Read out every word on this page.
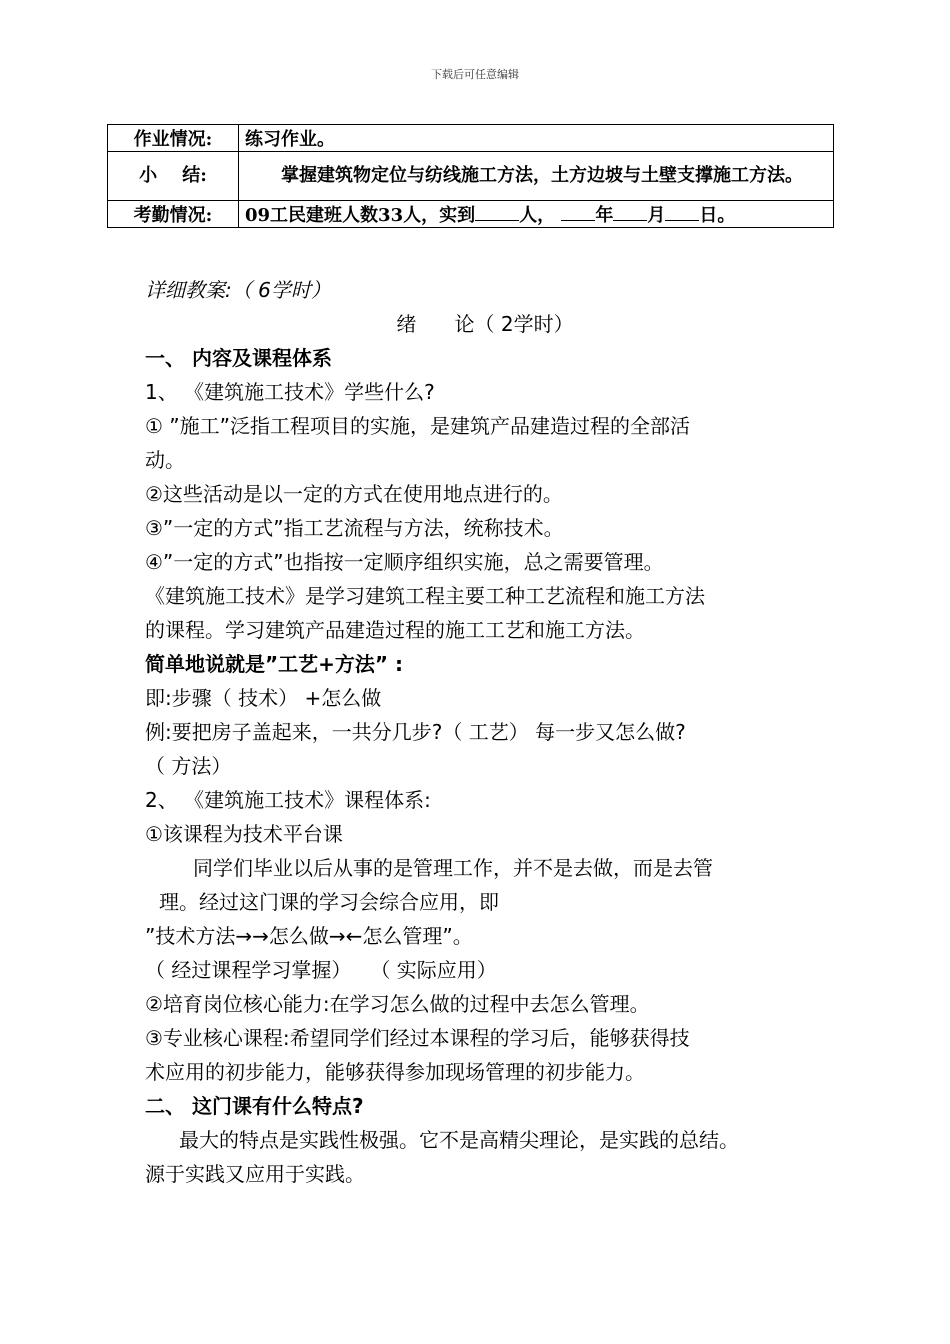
下载后可任意编辑
作业情况:	练习作业。
小    结:	掌握建筑物定位与纺线施工方法，土方边坡与土壁支撑施工方法。
考勤情况:	09工民建班人数33人，实到 人， 年 月 日。
详细教案:（ 6学时）
绪      论（ 2学时）
一、 内容及课程体系
1、 《建筑施工技术》学些什么?
① ”施工”泛指工程项目的实施，是建筑产品建造过程的全部活
动。
②这些活动是以一定的方式在使用地点进行的。
③”一定的方式”指工艺流程与方法，统称技术。
④”一定的方式”也指按一定顺序组织实施，总之需要管理。
《建筑施工技术》是学习建筑工程主要工种工艺流程和施工方法
的课程。学习建筑产品建造过程的施工工艺和施工方法。
简单地说就是”工艺+方法” :
即:步骤（ 技术） +怎么做
例:要把房子盖起来，一共分几步?（ 工艺） 每一步又怎么做?
（ 方法）
2、 《建筑施工技术》课程体系:
①该课程为技术平台课
同学们毕业以后从事的是管理工作，并不是去做，而是去管
理。经过这门课的学习会综合应用，即
”技术方法→→怎么做→←怎么管理”。
（ 经过课程学习掌握）   （ 实际应用）
②培育岗位核心能力:在学习怎么做的过程中去怎么管理。
③专业核心课程:希望同学们经过本课程的学习后，能够获得技
术应用的初步能力，能够获得参加现场管理的初步能力。
二、 这门课有什么特点?
最大的特点是实践性极强。它不是高精尖理论，是实践的总结。
源于实践又应用于实践。
